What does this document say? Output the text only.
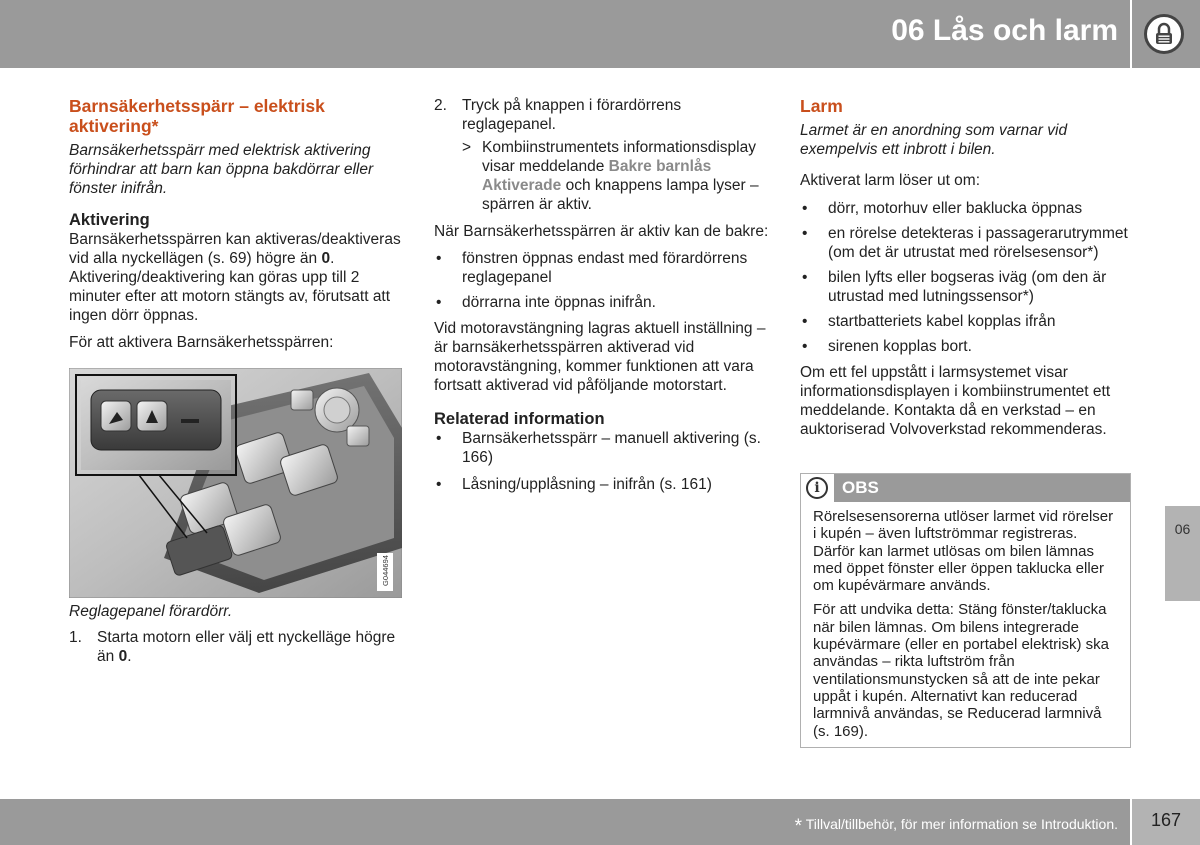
06 Lås och larm
06
Barnsäkerhetsspärr – elektrisk aktivering*

Barnsäkerhetsspärr med elektrisk aktivering förhindrar att barn kan öppna bakdörrar eller fönster inifrån.

Aktivering

Barnsäkerhetsspärren kan aktiveras/deaktiveras vid alla nyckellägen (s. 69) högre än 0. Aktivering/deaktivering kan göras upp till 2 minuter efter att motorn stängts av, förutsatt att ingen dörr öppnas.

För att aktivera Barnsäkerhetsspärren:

G044694
Reglagepanel förardörr.
1. Starta motorn eller välj ett nyckelläge högre än 0.
2. Tryck på knappen i förardörrens reglagepanel.
> Kombiinstrumentets informationsdisplay visar meddelande Bakre barnlås Aktiverade och knappens lampa lyser – spärren är aktiv.

När Barnsäkerhetsspärren är aktiv kan de bakre:

• fönstren öppnas endast med förardörrens reglagepanel
• dörrarna inte öppnas inifrån.

Vid motoravstängning lagras aktuell inställning – är barnsäkerhetsspärren aktiverad vid motoravstängning, kommer funktionen att vara fortsatt aktiverad vid påföljande motorstart.

Relaterad information
• Barnsäkerhetsspärr – manuell aktivering (s. 166)
• Låsning/upplåsning – inifrån (s. 161)
Larm

Larmet är en anordning som varnar vid exempelvis ett inbrott i bilen.

Aktiverat larm löser ut om:

• dörr, motorhuv eller baklucka öppnas
• en rörelse detekteras i passagerarutrymmet (om det är utrustat med rörelsesensor*)
• bilen lyfts eller bogseras iväg (om den är utrustad med lutningssensor*)
• startbatteriets kabel kopplas ifrån
• sirenen kopplas bort.

Om ett fel uppstått i larmsystemet visar informationsdisplayen i kombiinstrumentet ett meddelande. Kontakta då en verkstad – en auktoriserad Volvoverkstad rekommenderas.

i	OBS

Rörelsesensorerna utlöser larmet vid rörelser i kupén – även luftströmmar registreras. Därför kan larmet utlösas om bilen lämnas med öppet fönster eller öppen taklucka eller om kupévärmare används.

För att undvika detta: Stäng fönster/taklucka när bilen lämnas. Om bilens integrerade kupévärmare (eller en portabel elektrisk) ska användas – rikta luftström från ventilationsmunstycken så att de inte pekar uppåt i kupén. Alternativt kan reducerad larmnivå användas, se Reducerad larmnivå (s. 169).

* Tillval/tillbehör, för mer information se Introduktion.	167
